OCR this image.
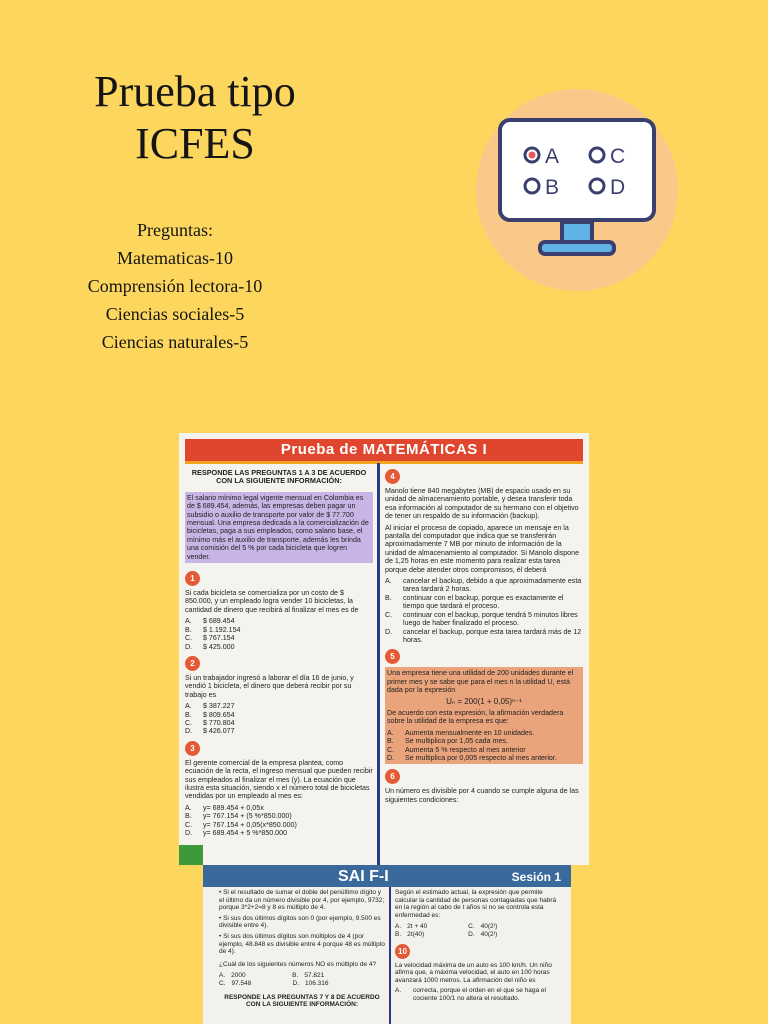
Prueba tipo
ICFES
Preguntas:
Matematicas-10
Comprensión lectora-10
Ciencias sociales-5
Ciencias naturales-5
A
B
C
D
Prueba de MATEMÁTICAS I
RESPONDE LAS PREGUNTAS 1 A 3 DE ACUERDO CON LA SIGUIENTE INFORMACIÓN:

El salario mínimo legal vigente mensual en Colombia es de $ 689.454, además, las empresas deben pagar un subsidio o auxilio de transporte por valor de $ 77.700 mensual. Una empresa dedicada a la comercialización de bicicletas, paga a sus empleados, como salario base, el mínimo más el auxilio de transporte, además les brinda una comisión del 5 % por cada bicicleta que logren vender.

1

Si cada bicicleta se comercializa por un costo de $ 850.000, y un empleado logra vender 10 bicicletas, la cantidad de dinero que recibirá al finalizar el mes es de

A. $ 689.454
B. $ 1.192.154
C. $ 767.154
D. $ 425.000
2

Si un trabajador ingresó a laborar el día 16 de junio, y vendió 1 bicicleta, el dinero que deberá recibir por su trabajo es

A. $ 387.227
B. $ 809.654
C. $ 770.804
D. $ 426.077
3

El gerente comercial de la empresa plantea, como ecuación de la recta, el ingreso mensual que pueden recibir sus empleados al finalizar el mes (y). La ecuación que ilustra esta situación, siendo x el número total de bicicletas vendidas por un empleado al mes es:

A. y= 689.454 + 0,05x
B. y= 767.154 + (5 %*850.000)
C. y= 767.154 + 0,05(x*850.000)
D. y= 689.454 + 5 %*850.000
4

Manolo tiene 840 megabytes (MB) de espacio usado en su unidad de almacenamiento portable, y desea transferir toda esa información al computador de su hermano con el objetivo de tener un respaldo de su información (backup).

Al iniciar el proceso de copiado, aparece un mensaje en la pantalla del computador que indica que se transferirán aproximadamente 7 MB por minuto de información de la unidad de almacenamiento al computador. Si Manolo dispone de 1,25 horas en este momento para realizar esta tarea porque debe atender otros compromisos, él deberá

A. cancelar el backup, debido a que aproximadamente esta tarea tardará 2 horas.
B. continuar con el backup, porque es exactamente el tiempo que tardará el proceso.
C. continuar con el backup, porque tendrá 5 minutos libres luego de haber finalizado el proceso.
D. cancelar el backup, porque esta tarea tardará más de 12 horas.
5

Una empresa tiene una utilidad de 200 unidades durante el primer mes y se sabe que para el mes n la utilidad U, está dada por la expresión

Uₙ = 200(1 + 0,05)ⁿ⁻¹

De acuerdo con esta expresión, la afirmación verdadera sobre la utilidad de la empresa es que:

A. Aumenta mensualmente en 10 unidades.
B. Se multiplica por 1,05 cada mes.
C. Aumenta 5 % respecto al mes anterior
D. Se multiplica por 0,005 respecto al mes anterior.
6

Un número es divisible por 4 cuando se cumple alguna de las siguientes condiciones:

SAI F-I	Sesión 1

• Si el resultado de sumar el doble del penúltimo dígito y el último da un número divisible por 4, por ejemplo, 9732; porque 3*2+2=8 y 8 es múltiplo de 4.

• Si sus dos últimos dígitos son 0 (por ejemplo, 9.500 es divisible entre 4).

• Si sus dos últimos dígitos son múltiplos de 4 (por ejemplo, 48.848 es divisible entre 4 porque 48 es múltiplo de 4).

¿Cuál de los siguientes números NO es múltiplo de 4?

A. 2000	B. 57.821
C. 97.548	D. 106.316

RESPONDE LAS PREGUNTAS 7 Y 8 DE ACUERDO CON LA SIGUIENTE INFORMACIÓN:

Según el estimado actual, la expresión que permite calcular la cantidad de personas contagiadas que habrá en la región al cabo de t años si no se controla esta enfermedad es:

A. 2t + 40	C. 40(2ᵗ)
B. 2t(40)	D. 40(2ᵗ)
10

La velocidad máxima de un auto es 100 km/h. Un niño afirma que, a máxima velocidad, el auto en 100 horas avanzará 1000 metros. La afirmación del niño es

A. correcta, porque el orden en el que se haga el cociente 100/1 no altera el resultado.
